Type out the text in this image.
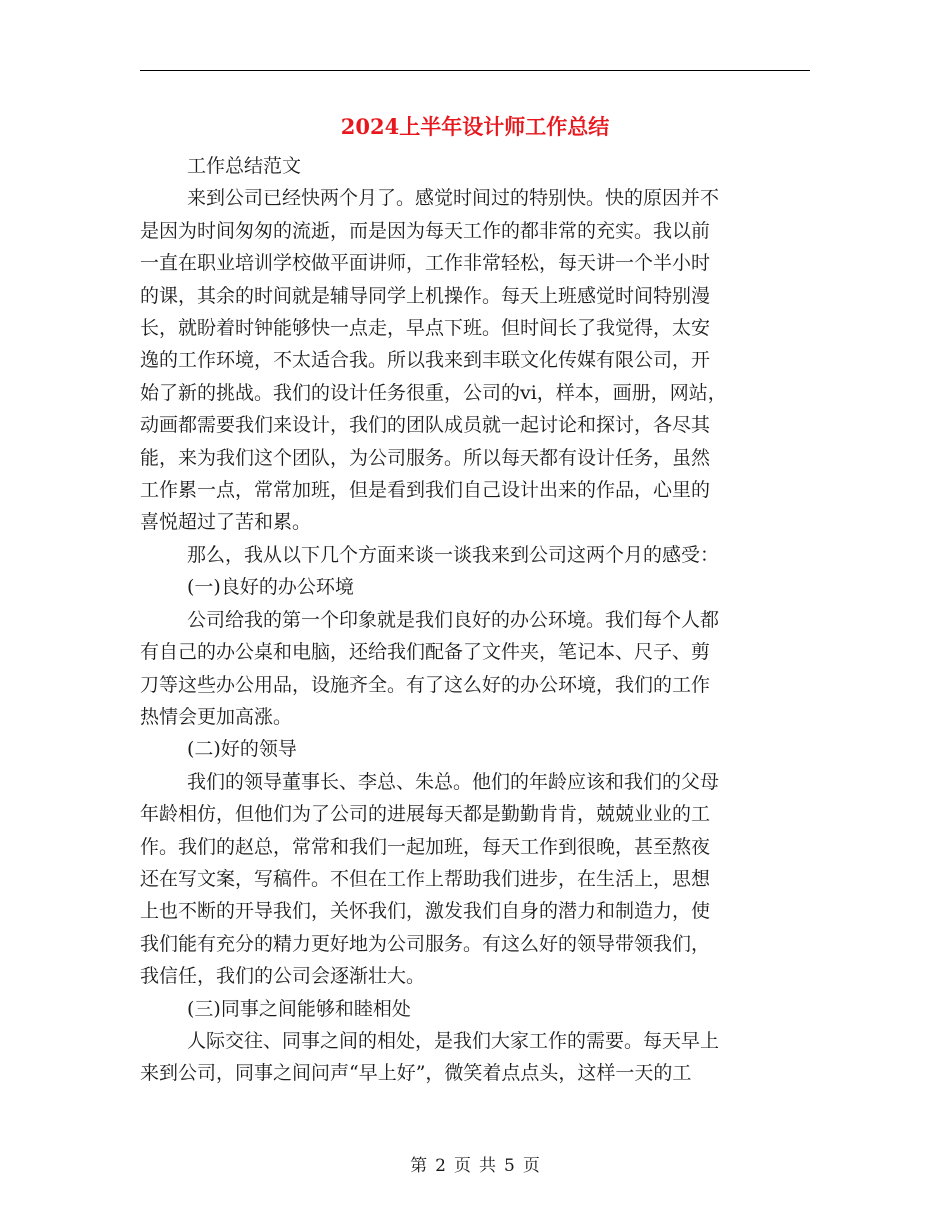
2024上半年设计师工作总结
工作总结范文
来到公司已经快两个月了。感觉时间过的特别快。快的原因并不
是因为时间匆匆的流逝，而是因为每天工作的都非常的充实。我以前
一直在职业培训学校做平面讲师，工作非常轻松，每天讲一个半小时
的课，其余的时间就是辅导同学上机操作。每天上班感觉时间特别漫
长，就盼着时钟能够快一点走，早点下班。但时间长了我觉得，太安
逸的工作环境，不太适合我。所以我来到丰联文化传媒有限公司，开
始了新的挑战。我们的设计任务很重，公司的vi，样本，画册，网站，
动画都需要我们来设计，我们的团队成员就一起讨论和探讨，各尽其
能，来为我们这个团队，为公司服务。所以每天都有设计任务，虽然
工作累一点，常常加班，但是看到我们自己设计出来的作品，心里的
喜悦超过了苦和累。
那么，我从以下几个方面来谈一谈我来到公司这两个月的感受：
(一)良好的办公环境
公司给我的第一个印象就是我们良好的办公环境。我们每个人都
有自己的办公桌和电脑，还给我们配备了文件夹，笔记本、尺子、剪
刀等这些办公用品，设施齐全。有了这么好的办公环境，我们的工作
热情会更加高涨。
(二)好的领导
我们的领导董事长、李总、朱总。他们的年龄应该和我们的父母
年龄相仿，但他们为了公司的进展每天都是勤勤肯肯，兢兢业业的工
作。我们的赵总，常常和我们一起加班，每天工作到很晚，甚至熬夜
还在写文案，写稿件。不但在工作上帮助我们进步，在生活上，思想
上也不断的开导我们，关怀我们，激发我们自身的潜力和制造力，使
我们能有充分的精力更好地为公司服务。有这么好的领导带领我们，
我信任，我们的公司会逐渐壮大。
(三)同事之间能够和睦相处
人际交往、同事之间的相处，是我们大家工作的需要。每天早上
来到公司，同事之间问声“早上好”，微笑着点点头，这样一天的工
第 2 页 共 5 页
